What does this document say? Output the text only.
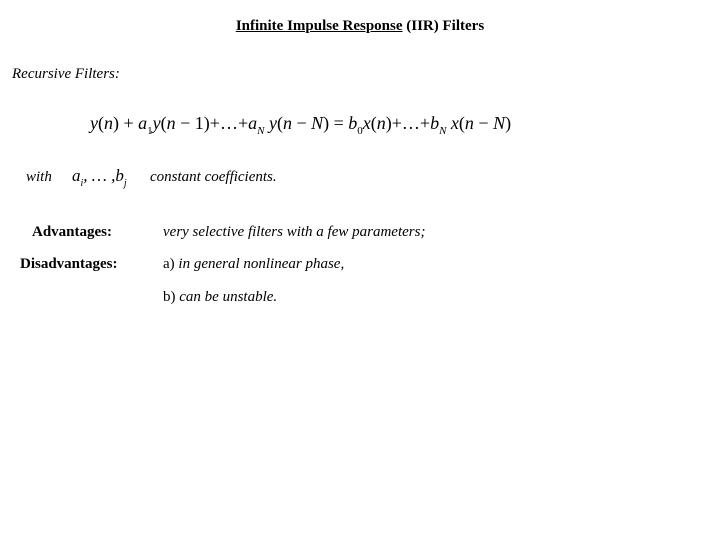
Infinite Impulse Response (IIR) Filters
Recursive Filters:
$y(n) + a_1y(n$ − $1)+\dots+a_N$ $y(n - N) = b_0x(n)+\dots+b_N$ x(n − N)
with $a_i$, … $,b_j$ constant coefficients.
Advantages:	very selective filters with a few parameters;
Disadvantages:	a) in general nonlinear phase,
b) can be unstable.
